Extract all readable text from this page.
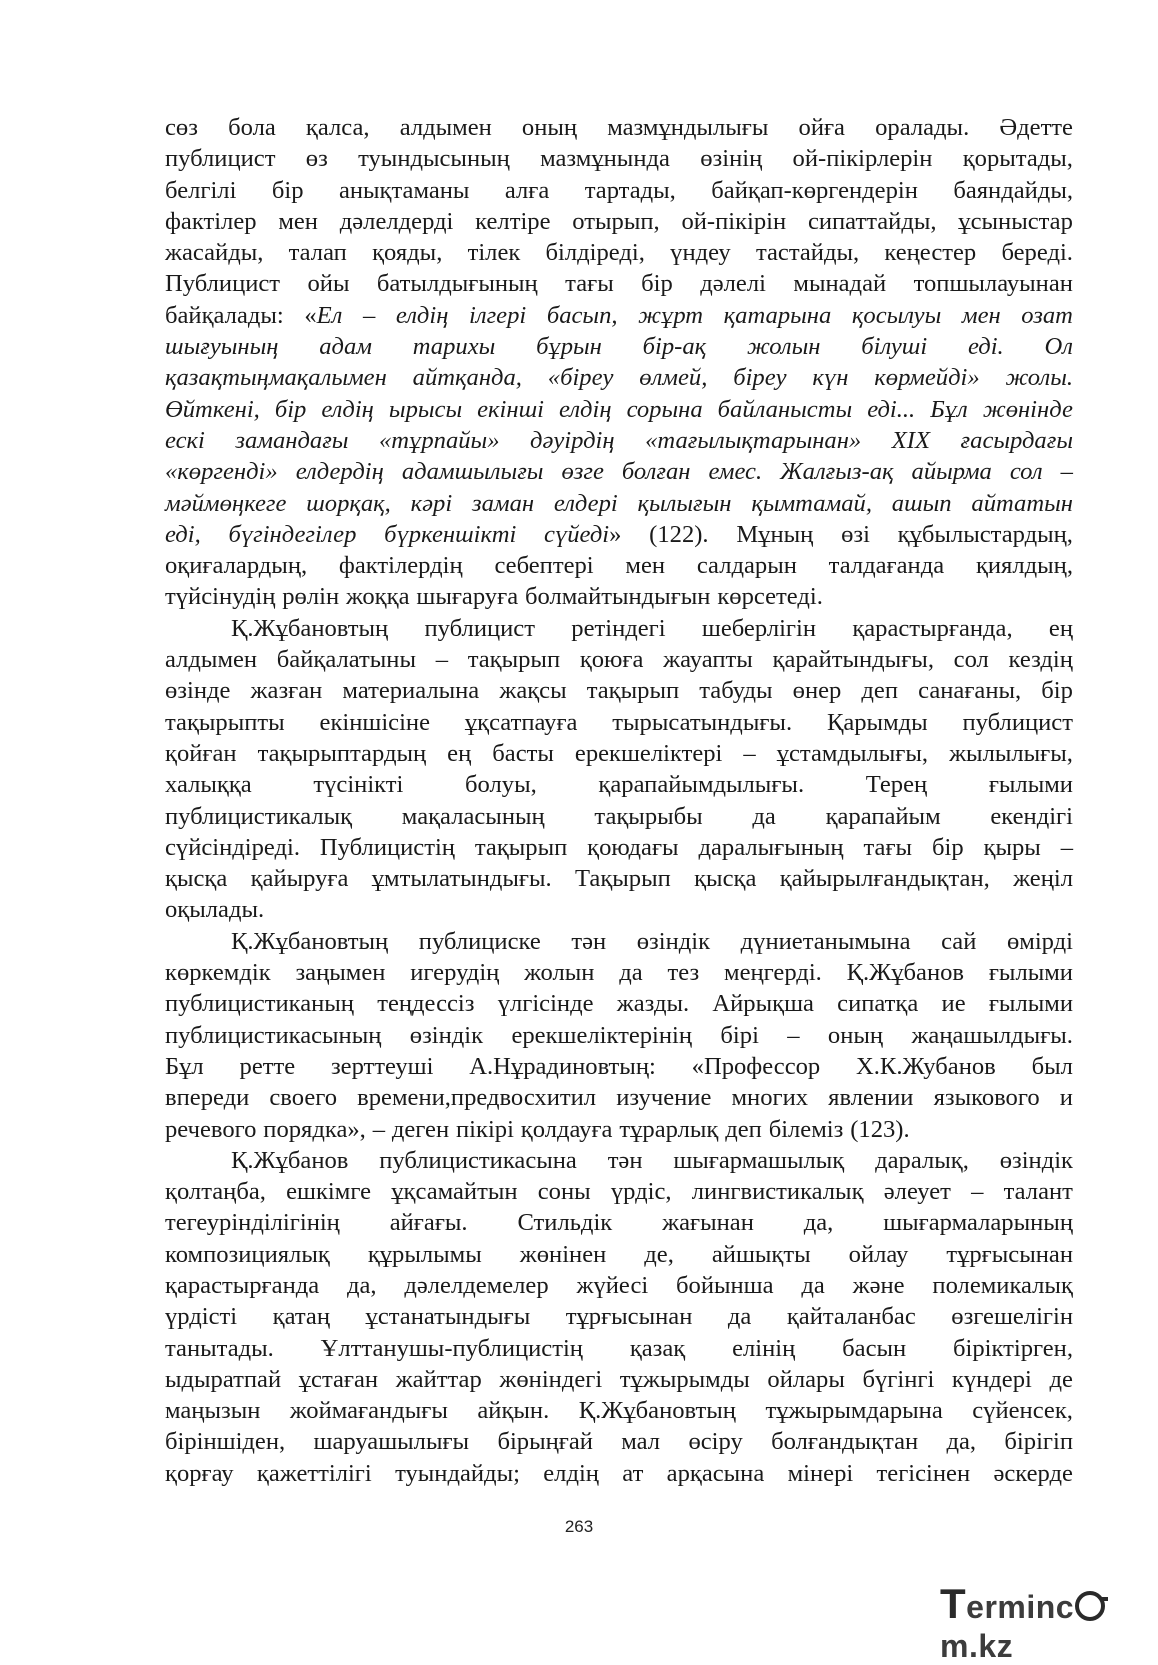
сөз бола қалса, алдымен оның мазмұндылығы ойға оралады. Әдетте
публицист өз туындысының мазмұнында өзінің ой-пікірлерін қорытады,
белгілі бір анықтаманы алға тартады, байқап-көргендерін баяндайды,
фактілер мен дәлелдерді келтіре отырып, ой-пікірін сипаттайды, ұсыныстар
жасайды, талап қояды, тілек білдіреді, үндеу тастайды, кеңестер береді.
Публицист ойы батылдығының тағы бір дәлелі мынадай топшылауынан
байқалады: «Ел – елдің ілгері басып, жұрт қатарына қосылуы мен озат
шығуының адам тарихы бұрын бір-ақ жолын білуші еді. Ол
қазақтыңмақалымен айтқанда, «біреу өлмей, біреу күн көрмейді» жолы.
Өйткені, бір елдің ырысы екінші елдің сорына байланысты еді... Бұл жөнінде
ескі замандағы «тұрпайы» дәуірдің «тағылықтарынан» ХІХ ғасырдағы
«көргенді» елдердің адамшылығы өзге болған емес. Жалғыз-ақ айырма сол –
мәймөңкеге шорқақ, кәрі заман елдері қылығын қымтамай, ашып айтатын
еді, бүгіндегілер бүркеншікті сүйеді» (122). Мұның өзі құбылыстардың,
оқиғалардың, фактілердің себептері мен салдарын талдағанда қиялдың,
түйсінудің рөлін жоққа шығаруға болмайтындығын көрсетеді.
Қ.Жұбановтың публицист ретіндегі шеберлігін қарастырғанда, ең
алдымен байқалатыны – тақырып қоюға жауапты қарайтындығы, сол кездің
өзінде жазған материалына жақсы тақырып табуды өнер деп санағаны, бір
тақырыпты екіншісіне ұқсатпауға тырысатындығы. Қарымды публицист
қойған тақырыптардың ең басты ерекшеліктері – ұстамдылығы, жылылығы,
халыққа	түсінікті	болуы,	қарапайымдылығы.	Терең	ғылыми
публицистикалық мақаласының тақырыбы да қарапайым екендігі
сүйсіндіреді. Публицистің тақырып қоюдағы даралығының тағы бір қыры –
қысқа қайыруға ұмтылатындығы. Тақырып қысқа қайырылғандықтан, жеңіл
оқылады.
Қ.Жұбановтың публициске тән өзіндік дүниетанымына сай өмірді
көркемдік заңымен игерудің жолын да тез меңгерді. Қ.Жұбанов ғылыми
публицистиканың теңдессіз үлгісінде жазды. Айрықша сипатқа ие ғылыми
публицистикасының өзіндік ерекшеліктерінің бірі – оның жаңашылдығы.
Бұл ретте зерттеуші А.Нұрадиновтың: «Профессор Х.К.Жубанов был
впереди своего времени,предвосхитил изучение многих явлении языкового и
речевого порядка», – деген пікірі қолдауға тұрарлық деп білеміз (123).
Қ.Жұбанов публицистикасына тән шығармашылық даралық, өзіндік
қолтаңба, ешкімге ұқсамайтын соны үрдіс, лингвистикалық әлеует – талант
тегеуріндiлігінің айғағы. Стильдік жағынан да, шығармаларының
композициялық құрылымы жөнінен де, айшықты ойлау тұрғысынан
қарастырғанда да, дәлелдемелер жүйесі бойынша да және полемикалық
үрдісті қатаң ұстанатындығы тұрғысынан да қайталанбас өзгешелігін
танытады. Ұлттанушы-публицистің қазақ елінің басын біріктірген,
ыдыратпай ұстаған жайттар жөніндегі тұжырымды ойлары бүгінгі күндері де
маңызын жоймағандығы айқын. Қ.Жұбановтың тұжырымдарына сүйенсек,
біріншіден, шаруашылығы бірыңғай мал өсіру болғандықтан да, бірігіп
қорғау қажеттілігі туындайды; елдің ат арқасына мінері тегісінен әскерде
263
Termincm.kz
